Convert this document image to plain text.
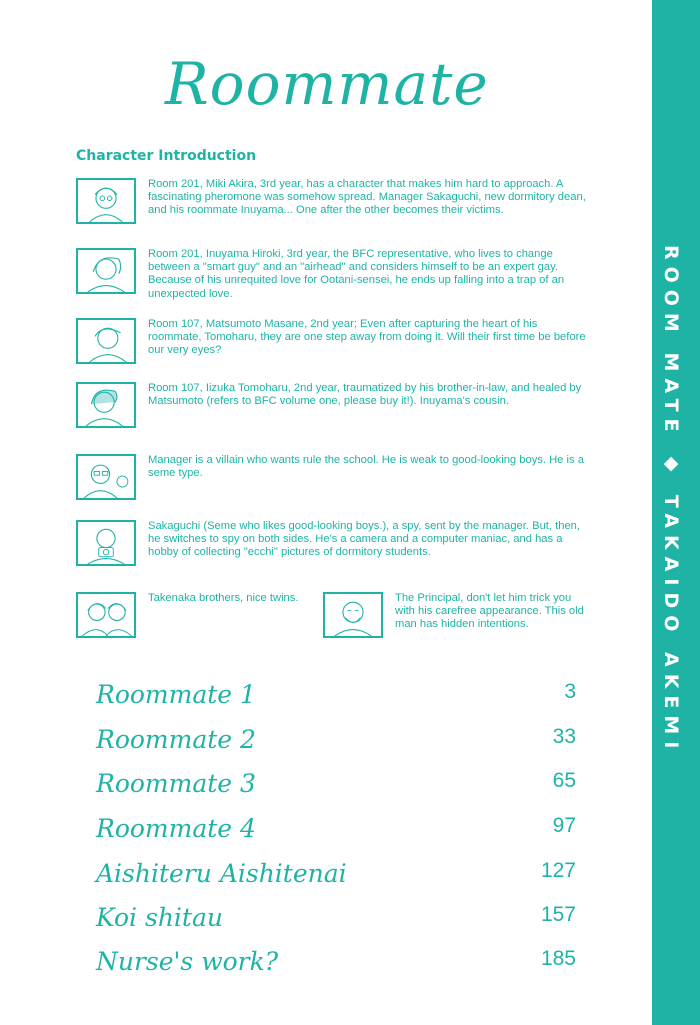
Roommate
Character Introduction
Room 201, Miki Akira, 3rd year, has a character that makes him hard to approach. A fascinating pheromone was somehow spread. Manager Sakaguchi, new dormitory dean, and his roommate Inuyama... One after the other becomes their victims.
Room 201, Inuyama Hiroki, 3rd year, the BFC representative, who lives to change between a "smart guy" and an "airhead" and considers himself to be an expert gay. Because of his unrequited love for Ootani-sensei, he ends up falling into a trap of an unexpected love.
Room 107, Matsumoto Masane, 2nd year; Even after capturing the heart of his roommate, Tomoharu, they are one step away from doing it. Will their first time be before our very eyes?
Room 107, Iizuka Tomoharu, 2nd year, traumatized by his brother-in-law, and healed by Matsumoto (refers to BFC volume one, please buy it!). Inuyama's cousin.
Manager is a villain who wants rule the school. He is weak to good-looking boys. He is a seme type.
Sakaguchi (Seme who likes good-looking boys.), a spy, sent by the manager. But, then, he switches to spy on both sides. He's a camera and a computer maniac, and has a hobby of collecting "ecchi" pictures of dormitory students.
Takenaka brothers, nice twins.	The Principal, don't let him trick you with his carefree appearance. This old man has hidden intentions.
Roommate 1	3
Roommate 2	33
Roommate 3	65
Roommate 4	97
Aishiteru Aishitenai	127
Koi shitau	157
Nurse's work?	185
ROOM MATE ◆ TAKAIDO AKEMI
